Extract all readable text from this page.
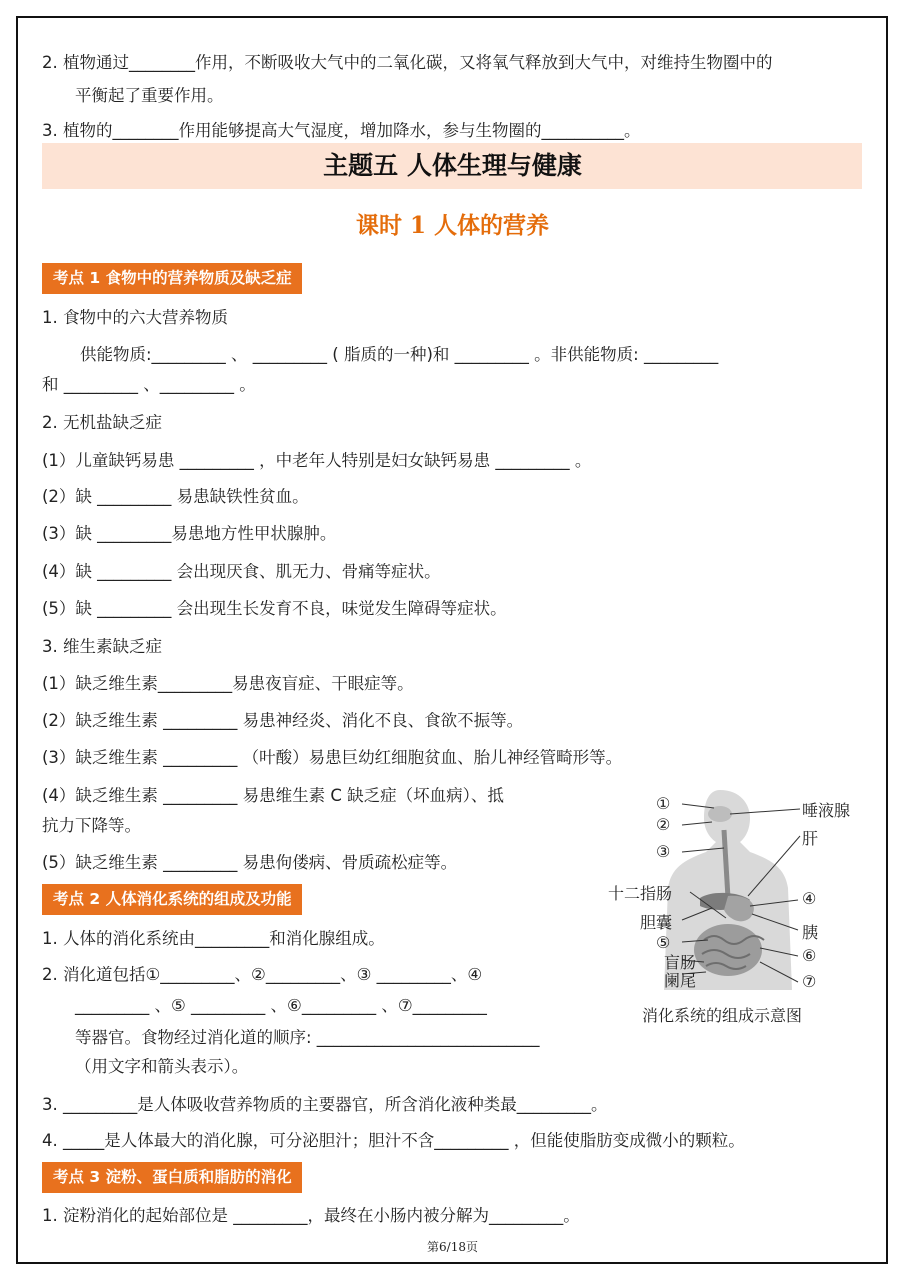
2. 植物通过________作用，不断吸收大气中的二氧化碳，又将氧气释放到大气中，对维持生物圈中的
平衡起了重要作用。
3. 植物的________作用能够提高大气湿度，增加降水，参与生物圈的__________。
主题五 人体生理与健康
课时 1 人体的营养
考点 1 食物中的营养物质及缺乏症
1. 食物中的六大营养物质
供能物质:_________ 、 _________ ( 脂质的一种)和 _________ 。非供能物质: _________
和 _________ 、_________ 。
2. 无机盐缺乏症
(1）儿童缺钙易患 _________ ，中老年人特别是妇女缺钙易患 _________ 。
(2）缺 _________ 易患缺铁性贫血。
(3）缺 _________易患地方性甲状腺肿。
(4）缺 _________ 会出现厌食、肌无力、骨痛等症状。
(5）缺 _________ 会出现生长发育不良，味觉发生障碍等症状。
3. 维生素缺乏症
(1）缺乏维生素_________易患夜盲症、干眼症等。
(2）缺乏维生素 _________ 易患神经炎、消化不良、食欲不振等。
(3）缺乏维生素 _________ （叶酸）易患巨幼红细胞贫血、胎儿神经管畸形等。
(4）缺乏维生素 _________ 易患维生素 C 缺乏症（坏血病）、抵
抗力下降等。
(5）缺乏维生素 _________ 易患佝偻病、骨质疏松症等。
考点 2 人体消化系统的组成及功能
1. 人体的消化系统由_________和消化腺组成。
2. 消化道包括①_________、②_________、③ _________、④
_________ 、⑤ _________ 、⑥_________ 、⑦_________
等器官。食物经过消化道的顺序: ___________________________
（用文字和箭头表示）。
3. _________是人体吸收营养物质的主要器官，所含消化液种类最_________。
4. _____是人体最大的消化腺，可分泌胆汁；胆汁不含_________ ，但能使脂肪变成微小的颗粒。
①
②
③
十二指肠
胆囊
⑤
盲肠
阑尾
唾液腺
肝
④
胰
⑥
⑦
消化系统的组成示意图
考点 3 淀粉、蛋白质和脂肪的消化
1. 淀粉消化的起始部位是 _________，最终在小肠内被分解为_________。
第6/18页
